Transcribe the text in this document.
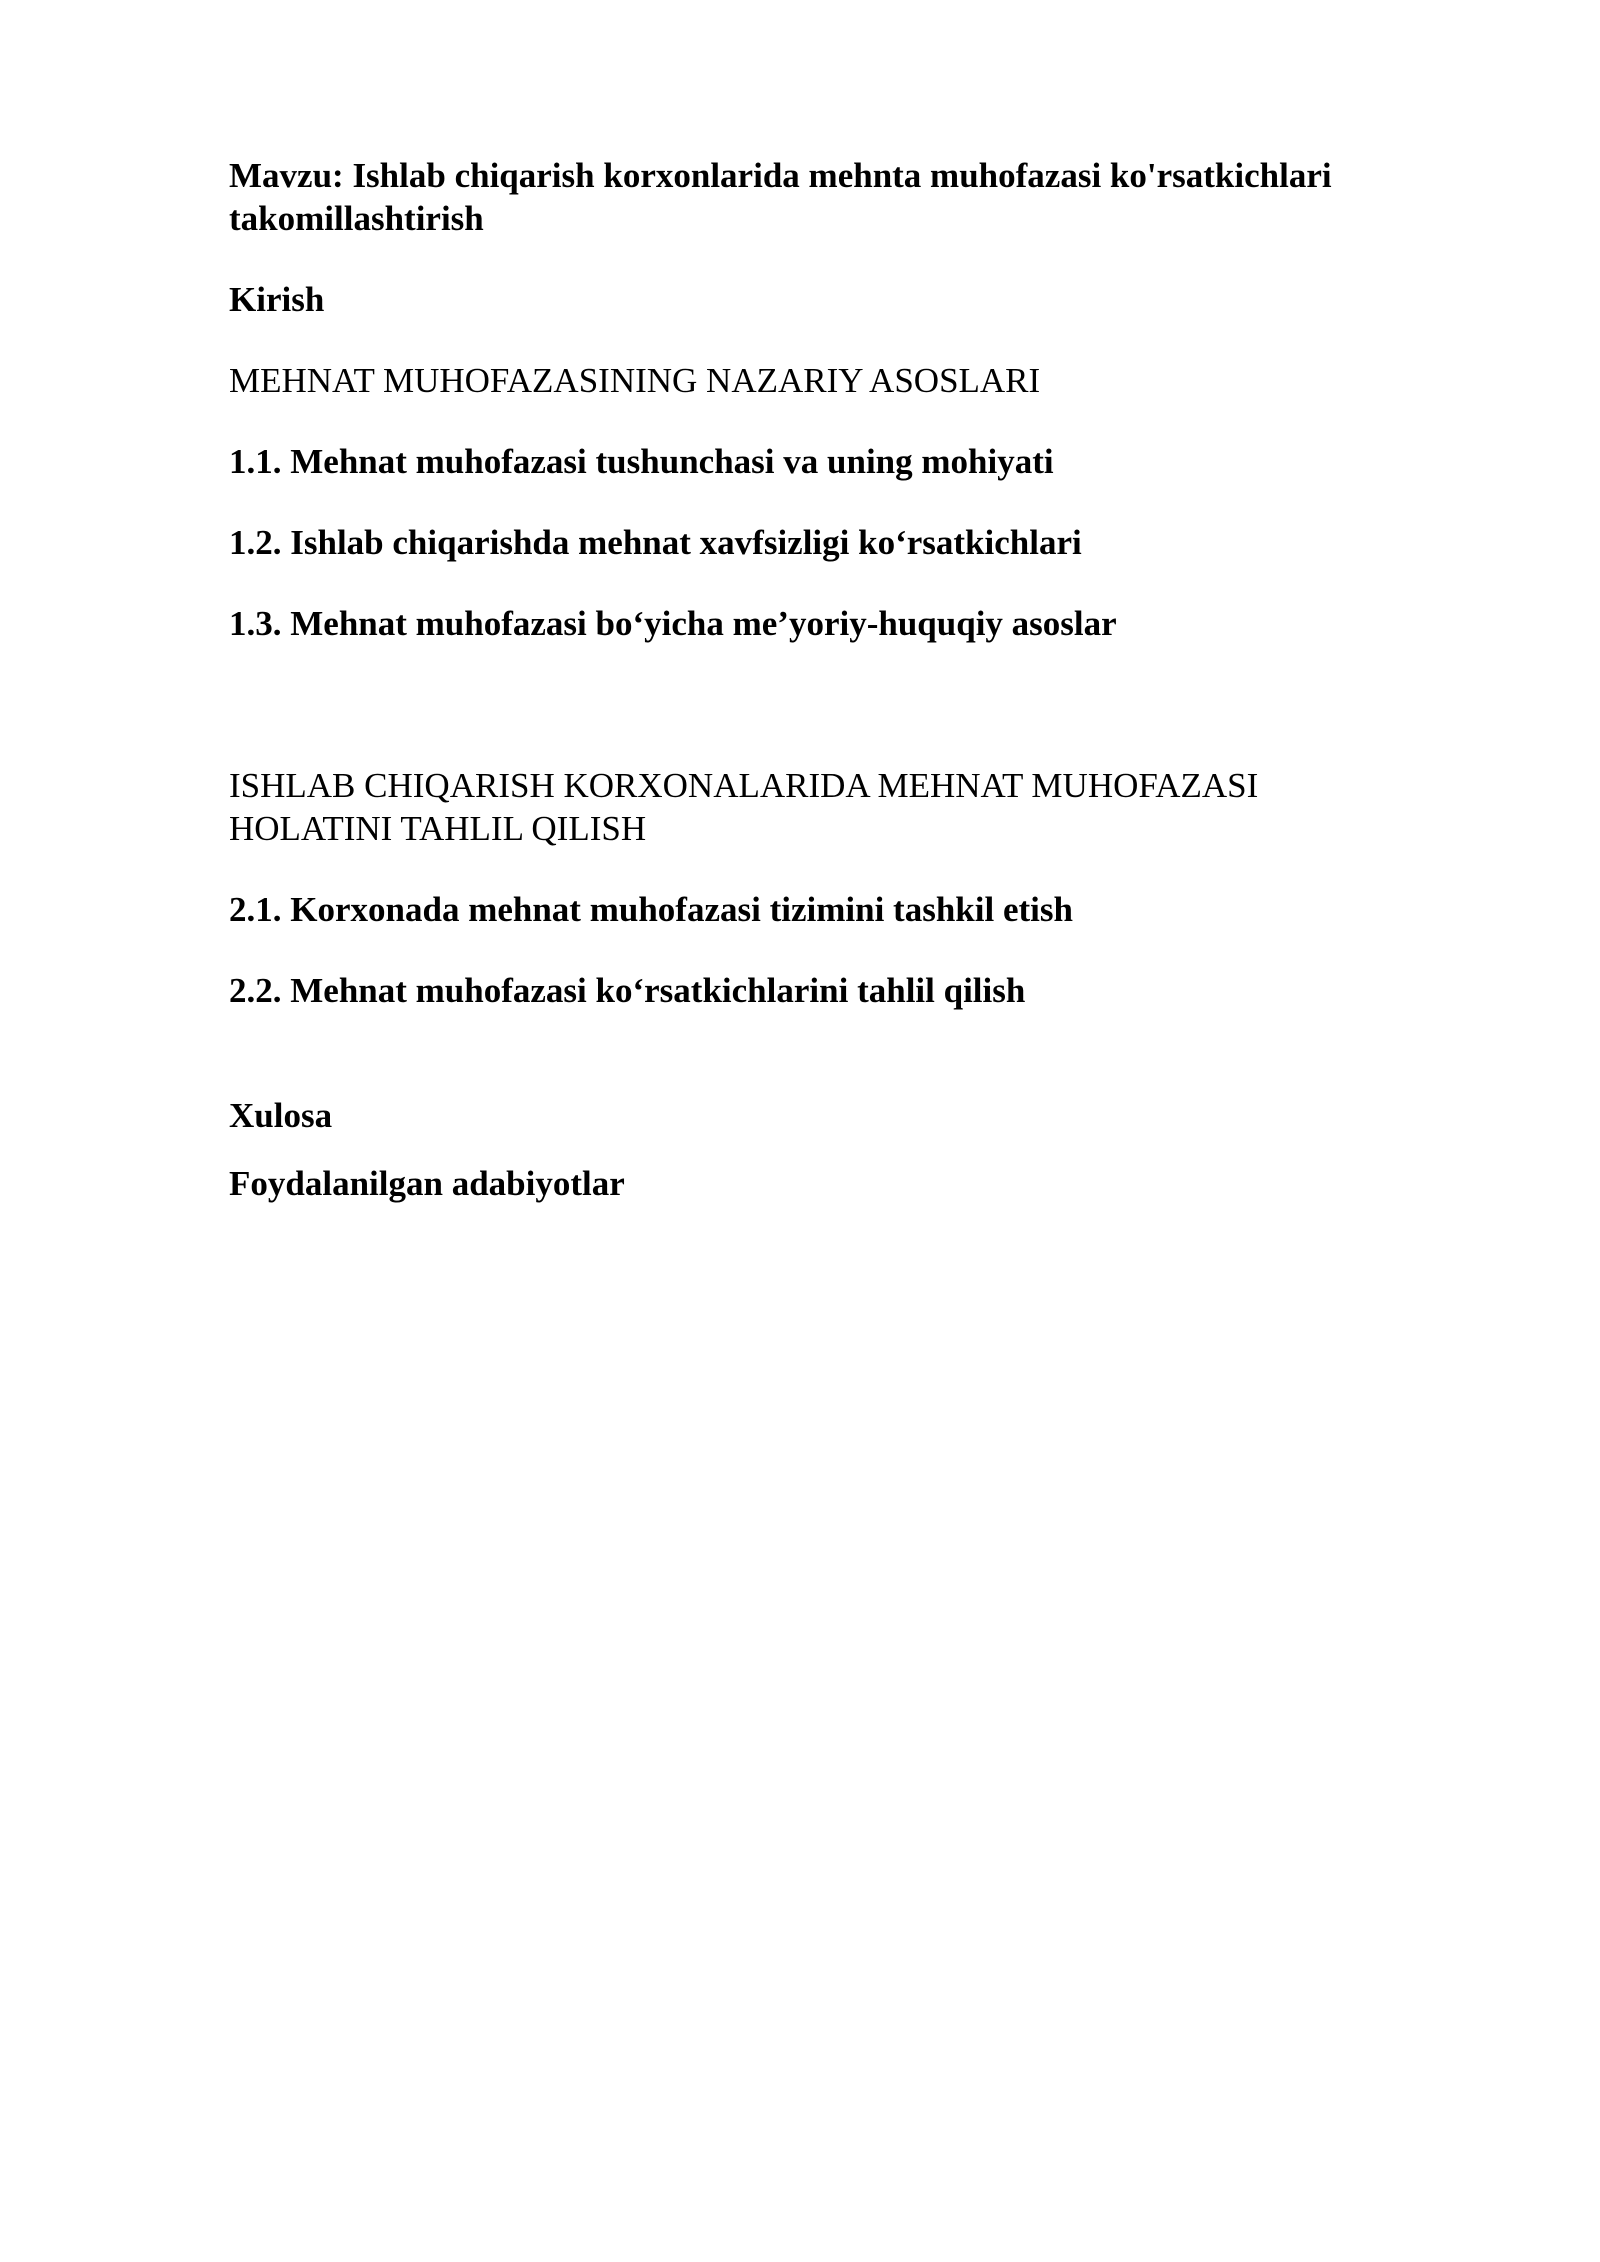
Mavzu: Ishlab chiqarish korxonlarida mehnta muhofazasi ko'rsatkichlari

takomillashtirish

Kirish

MEHNAT MUHOFAZASINING NAZARIY ASOSLARI

1.1. Mehnat muhofazasi tushunchasi va uning mohiyati

1.2. Ishlab chiqarishda mehnat xavfsizligi ko‘rsatkichlari

1.3. Mehnat muhofazasi bo‘yicha me’yoriy-huquqiy asoslar

ISHLAB CHIQARISH KORXONALARIDA MEHNAT MUHOFAZASI

HOLATINI TAHLIL QILISH

2.1. Korxonada mehnat muhofazasi tizimini tashkil etish

2.2. Mehnat muhofazasi ko‘rsatkichlarini tahlil qilish

Xulosa

Foydalanilgan adabiyotlar
